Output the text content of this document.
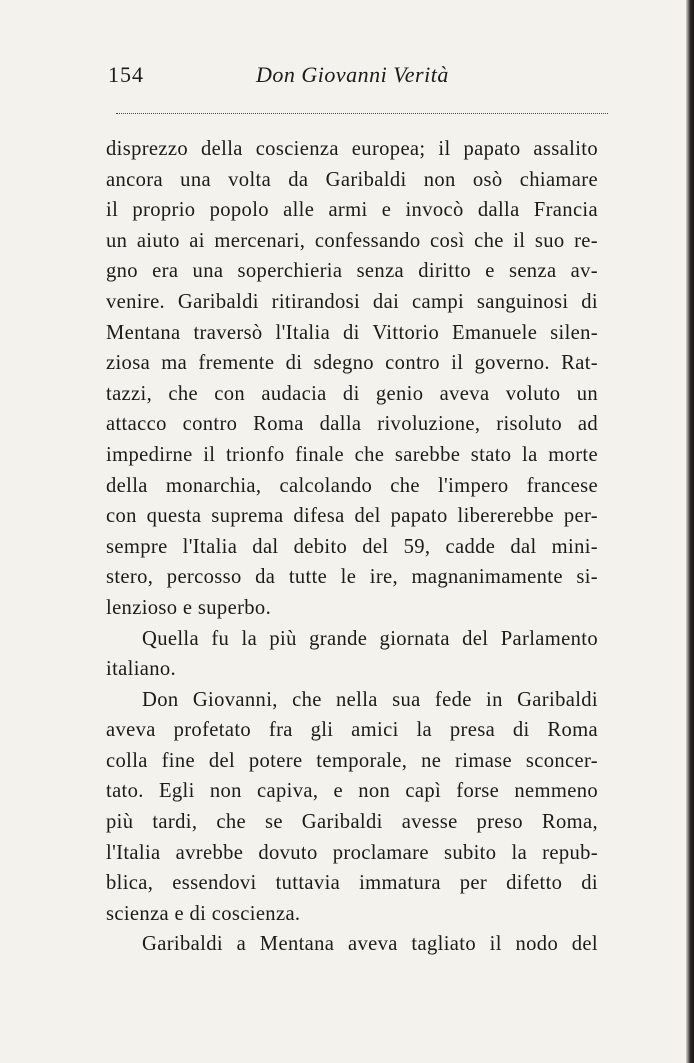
154	Don Giovanni Verità
disprezzo della coscienza europea; il papato assalito
ancora una volta da Garibaldi non osò chiamare
il proprio popolo alle armi e invocò dalla Francia
un aiuto ai mercenari, confessando così che il suo re-
gno era una soperchieria senza diritto e senza av-
venire. Garibaldi ritirandosi dai campi sanguinosi di
Mentana traversò l'Italia di Vittorio Emanuele silen-
ziosa ma fremente di sdegno contro il governo. Rat-
tazzi, che con audacia di genio aveva voluto un
attacco contro Roma dalla rivoluzione, risoluto ad
impedirne il trionfo finale che sarebbe stato la morte
della monarchia, calcolando che l'impero francese
con questa suprema difesa del papato libererebbe per-
sempre l'Italia dal debito del 59, cadde dal mini-
stero, percosso da tutte le ire, magnanimamente si-
lenzioso e superbo.
Quella fu la più grande giornata del Parlamento
italiano.
Don Giovanni, che nella sua fede in Garibaldi
aveva profetato fra gli amici la presa di Roma
colla fine del potere temporale, ne rimase sconcer-
tato. Egli non capiva, e non capì forse nemmeno
più tardi, che se Garibaldi avesse preso Roma,
l'Italia avrebbe dovuto proclamare subito la repub-
blica, essendovi tuttavia immatura per difetto di
scienza e di coscienza.
Garibaldi a Mentana aveva tagliato il nodo del
